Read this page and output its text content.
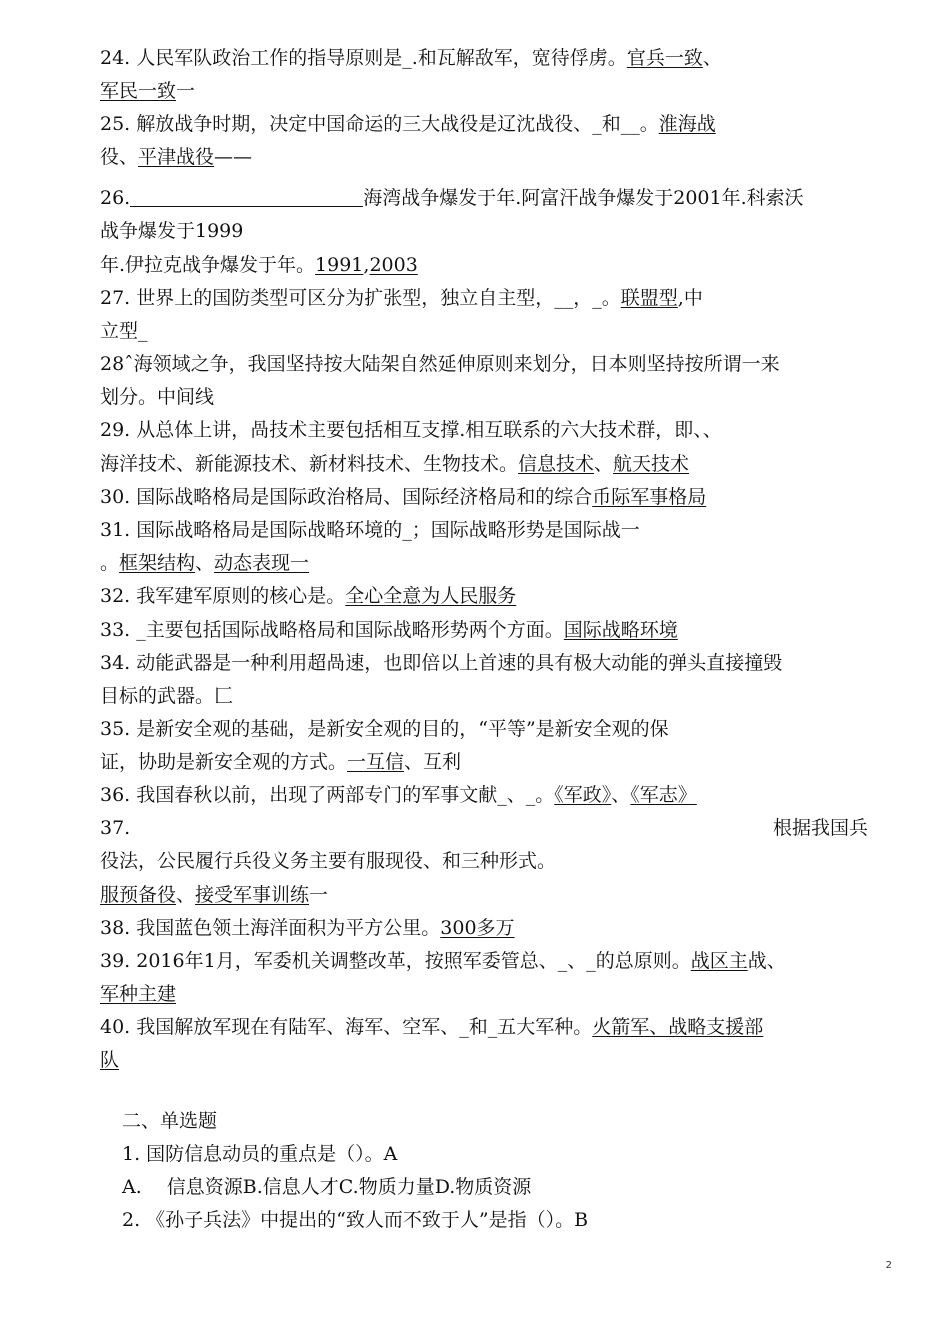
24. 人民军队政治工作的指导原则是_.和瓦解敌军，宽待俘虏。官兵一致、
军民一致一
25. 解放战争时期，决定中国命运的三大战役是辽沈战役、_和__。淮海战
役、平津战役——
26.	海湾战争爆发于年.阿富汗战争爆发于2001年.科索沃
战争爆发于1999
年.伊拉克战争爆发于年。1991,2003
27. 世界上的国防类型可区分为扩张型，独立自主型，__，_。联盟型,中
立型_
28ˆ海领域之争，我国坚持按大陆架自然延伸原则来划分，日本则坚持按所谓一来
划分。中间线
29. 从总体上讲，咼技术主要包括相互支撑.相互联系的六大技术群，即、、
海洋技术、新能源技术、新材料技术、生物技术。信息技术、航天技术
30. 国际战略格局是国际政治格局、国际经济格局和的综合币际军事格局
31. 国际战略格局是国际战略环境的_；国际战略形势是国际战一
。框架结构、动态表现一
32. 我军建军原则的核心是。全心全意为人民服务
33. _主要包括国际战略格局和国际战略形势两个方面。国际战略环境
34. 动能武器是一种利用超咼速，也即倍以上首速的具有极大动能的弹头直接撞毁
目标的武器。匚
35. 是新安全观的基础，是新安全观的目的，“平等”是新安全观的保
证，协助是新安全观的方式。一互信、互利
36. 我国春秋以前，出现了两部专门的军事文献_、_。《军政》、《军志》
37.	根据我国兵
役法，公民履行兵役义务主要有服现役、和三种形式。
服预备役、接受军事训练一
38. 我国蓝色领土海洋面积为平方公里。300多万
39. 2016年1月，军委机关调整改革，按照军委管总、_、_的总原则。战区主战、
军种主建
40. 我国解放军现在有陆军、海军、空军、_和_五大军种。火箭军、战略支援部
队
二、单选题
1. 国防信息动员的重点是（）。A
A.　 信息资源B.信息人才C.物质力量D.物质资源
2. 《孙子兵法》中提出的“致人而不致于人”是指（）。B
2
